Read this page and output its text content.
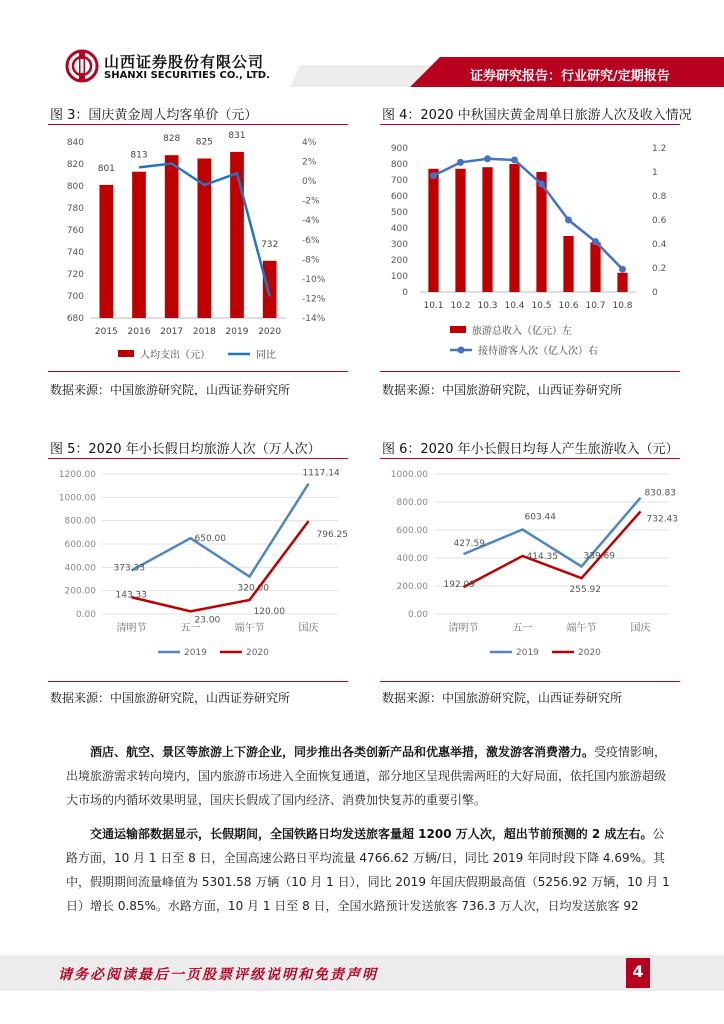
山西证券股份有限公司
SHANXI SECURITIES CO., LTD.	证券研究报告：行业研究/定期报告
图 3：国庆黄金周人均客单价（元）
680
700
720
740
760
780
800
820
840
-14%
-12%
-10%
-8%
-6%
-4%
-2%
0%
2%
4%
801
2015
813
2016
828
2017
825
2018
831
2019
732
2020
人均支出（元）	同比
数据来源：中国旅游研究院，山西证券研究所
图 4：2020 中秋国庆黄金周单日旅游人次及收入情况
0
100
200
300
400
500
600
700
800
900
0
0.2
0.4
0.6
0.8
1
1.2
10.1 10.2 10.3 10.4 10.5 10.6 10.7 10.8
旅游总收入（亿元）左
接待游客人次（亿人次）右
数据来源：中国旅游研究院，山西证券研究所
图 5：2020 年小长假日均旅游人次（万人次）
0.00
200.00
400.00
600.00
800.00
1000.00
1200.00
清明节	五一	端午节	国庆
373.33
650.00
320.00
1117.14
143.33
23.00
120.00
796.25
2019	2020
数据来源：中国旅游研究院，山西证券研究所
图 6：2020 年小长假日均每人产生旅游收入（元）
0.00
200.00
400.00
600.00
800.00
1000.00
清明节	五一	端午节	国庆
427.59
603.44
339.69
830.83
192.09
414.35
255.92
732.43
2019	2020
数据来源：中国旅游研究院，山西证券研究所
酒店、航空、景区等旅游上下游企业，同步推出各类创新产品和优惠举措，激发游客消费潜力。受疫情影响，出境旅游需求转向境内，国内旅游市场进入全面恢复通道，部分地区呈现供需两旺的大好局面，依托国内旅游超级大市场的内循环效果明显，国庆长假成了国内经济、消费加快复苏的重要引擎。
交通运输部数据显示，长假期间，全国铁路日均发送旅客量超 1200 万人次，超出节前预测的 2 成左右。公路方面，10 月 1 日至 8 日，全国高速公路日平均流量 4766.62 万辆/日，同比 2019 年同时段下降 4.69%。其中，假期期间流量峰值为 5301.58 万辆（10 月 1 日），同比 2019 年国庆假期最高值（5256.92 万辆，10 月 1 日）增长 0.85%。水路方面，10 月 1 日至 8 日，全国水路预计发送旅客 736.3 万人次，日均发送旅客 92
请务必阅读最后一页股票评级说明和免责声明	4
